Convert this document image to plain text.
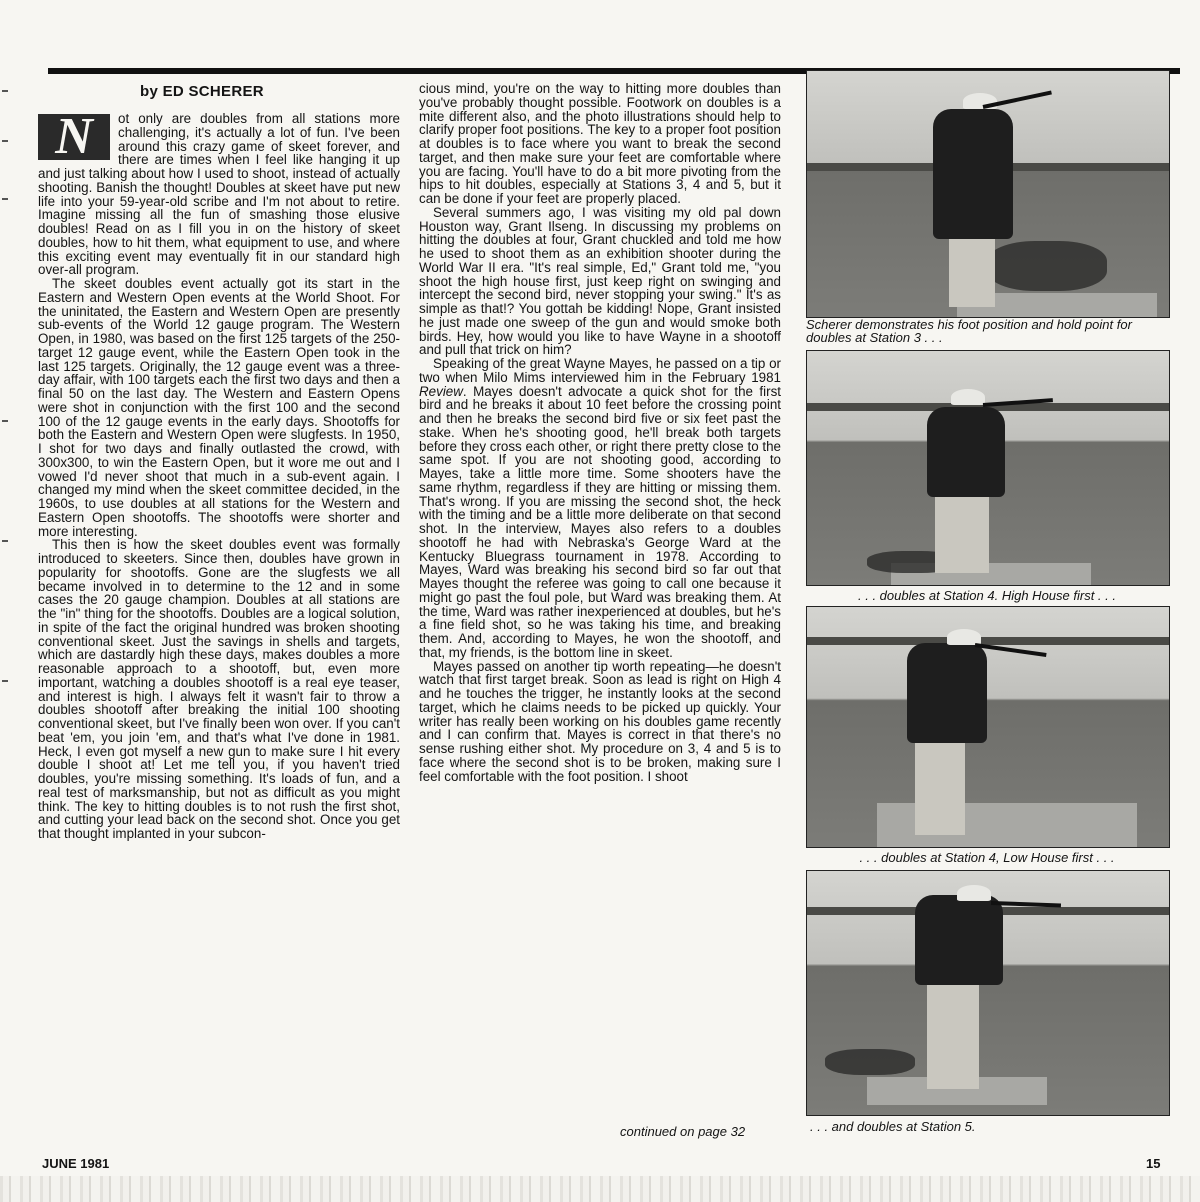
by ED SCHERER

N	ot only are doubles from all stations more challenging, it's actually a lot of fun. I've been around this crazy game of skeet forever, and there are times when I feel like hanging it up and just talking about how I used to shoot, instead of actually shooting. Banish the thought! Doubles at skeet have put new life into your 59-year-old scribe and I'm not about to retire. Imagine missing all the fun of smashing those elusive doubles! Read on as I fill you in on the history of skeet doubles, how to hit them, what equipment to use, and where this exciting event may eventually fit in our standard high over-all program.

The skeet doubles event actually got its start in the Eastern and Western Open events at the World Shoot. For the uninitated, the Eastern and Western Open are presently sub-events of the World 12 gauge program. The Western Open, in 1980, was based on the first 125 targets of the 250-target 12 gauge event, while the Eastern Open took in the last 125 targets. Originally, the 12 gauge event was a three-day affair, with 100 targets each the first two days and then a final 50 on the last day. The Western and Eastern Opens were shot in conjunction with the first 100 and the second 100 of the 12 gauge events in the early days. Shootoffs for both the Eastern and Western Open were slugfests. In 1950, I shot for two days and finally outlasted the crowd, with 300x300, to win the Eastern Open, but it wore me out and I vowed I'd never shoot that much in a sub-event again. I changed my mind when the skeet committee decided, in the 1960s, to use doubles at all stations for the Western and Eastern Open shootoffs. The shootoffs were shorter and more interesting.

This then is how the skeet doubles event was formally introduced to skeeters. Since then, doubles have grown in popularity for shootoffs. Gone are the slugfests we all became involved in to determine to the 12 and in some cases the 20 gauge champion. Doubles at all stations are the "in" thing for the shootoffs. Doubles are a logical solution, in spite of the fact the original hundred was broken shooting conventional skeet. Just the savings in shells and targets, which are dastardly high these days, makes doubles a more reasonable approach to a shootoff, but, even more important, watching a doubles shootoff is a real eye teaser, and interest is high. I always felt it wasn't fair to throw a doubles shootoff after breaking the initial 100 shooting conventional skeet, but I've finally been won over. If you can't beat 'em, you join 'em, and that's what I've done in 1981. Heck, I even got myself a new gun to make sure I hit every double I shoot at! Let me tell you, if you haven't tried doubles, you're missing something. It's loads of fun, and a real test of marksmanship, but not as difficult as you might think. The key to hitting doubles is to not rush the first shot, and cutting your lead back on the second shot. Once you get that thought implanted in your subcon-

cious mind, you're on the way to hitting more doubles than you've probably thought possible. Footwork on doubles is a mite different also, and the photo illustrations should help to clarify proper foot positions. The key to a proper foot position at doubles is to face where you want to break the second target, and then make sure your feet are comfortable where you are facing. You'll have to do a bit more pivoting from the hips to hit doubles, especially at Stations 3, 4 and 5, but it can be done if your feet are properly placed.

Several summers ago, I was visiting my old pal down Houston way, Grant Ilseng. In discussing my problems on hitting the doubles at four, Grant chuckled and told me how he used to shoot them as an exhibition shooter during the World War II era. "It's real simple, Ed," Grant told me, "you shoot the high house first, just keep right on swinging and intercept the second bird, never stopping your swing." It's as simple as that!? You gottah be kidding! Nope, Grant insisted he just made one sweep of the gun and would smoke both birds. Hey, how would you like to have Wayne in a shootoff and pull that trick on him?

Speaking of the great Wayne Mayes, he passed on a tip or two when Milo Mims interviewed him in the February 1981 Review. Mayes doesn't advocate a quick shot for the first bird and he breaks it about 10 feet before the crossing point and then he breaks the second bird five or six feet past the stake. When he's shooting good, he'll break both targets before they cross each other, or right there pretty close to the same spot. If you are not shooting good, according to Mayes, take a little more time. Some shooters have the same rhythm, regardless if they are hitting or missing them. That's wrong. If you are missing the second shot, the heck with the timing and be a little more deliberate on that second shot. In the interview, Mayes also refers to a doubles shootoff he had with Nebraska's George Ward at the Kentucky Bluegrass tournament in 1978. According to Mayes, Ward was breaking his second bird so far out that Mayes thought the referee was going to call one because it might go past the foul pole, but Ward was breaking them. At the time, Ward was rather inexperienced at doubles, but he's a fine field shot, so he was taking his time, and breaking them. And, according to Mayes, he won the shootoff, and that, my friends, is the bottom line in skeet.

Mayes passed on another tip worth repeating—he doesn't watch that first target break. Soon as lead is right on High 4 and he touches the trigger, he instantly looks at the second target, which he claims needs to be picked up quickly. Your writer has really been working on his doubles game recently and I can confirm that. Mayes is correct in that there's no sense rushing either shot. My procedure on 3, 4 and 5 is to face where the second shot is to be broken, making sure I feel comfortable with the foot position. I shoot

continued on page 32
Scherer demonstrates his foot position and hold point for doubles at Station 3 . . .
. . . doubles at Station 4. High House first . . .
. . . doubles at Station 4, Low House first . . .
. . . and doubles at Station 5.
JUNE 1981	15
